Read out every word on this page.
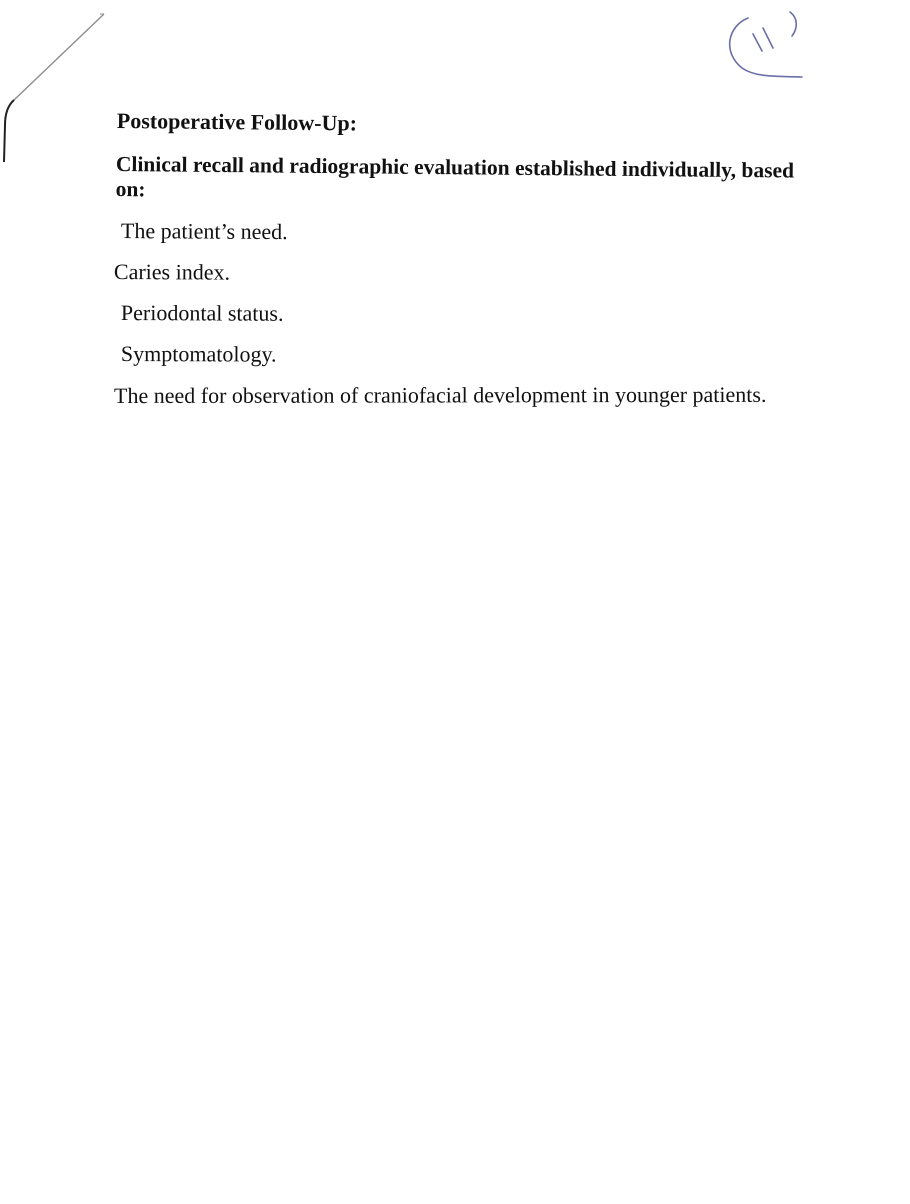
Postoperative Follow-Up:
Clinical recall and radiographic evaluation established individually, based on:
The patient’s need.
Caries index.
Periodontal status.
Symptomatology.
The need for observation of craniofacial development in younger patients.
